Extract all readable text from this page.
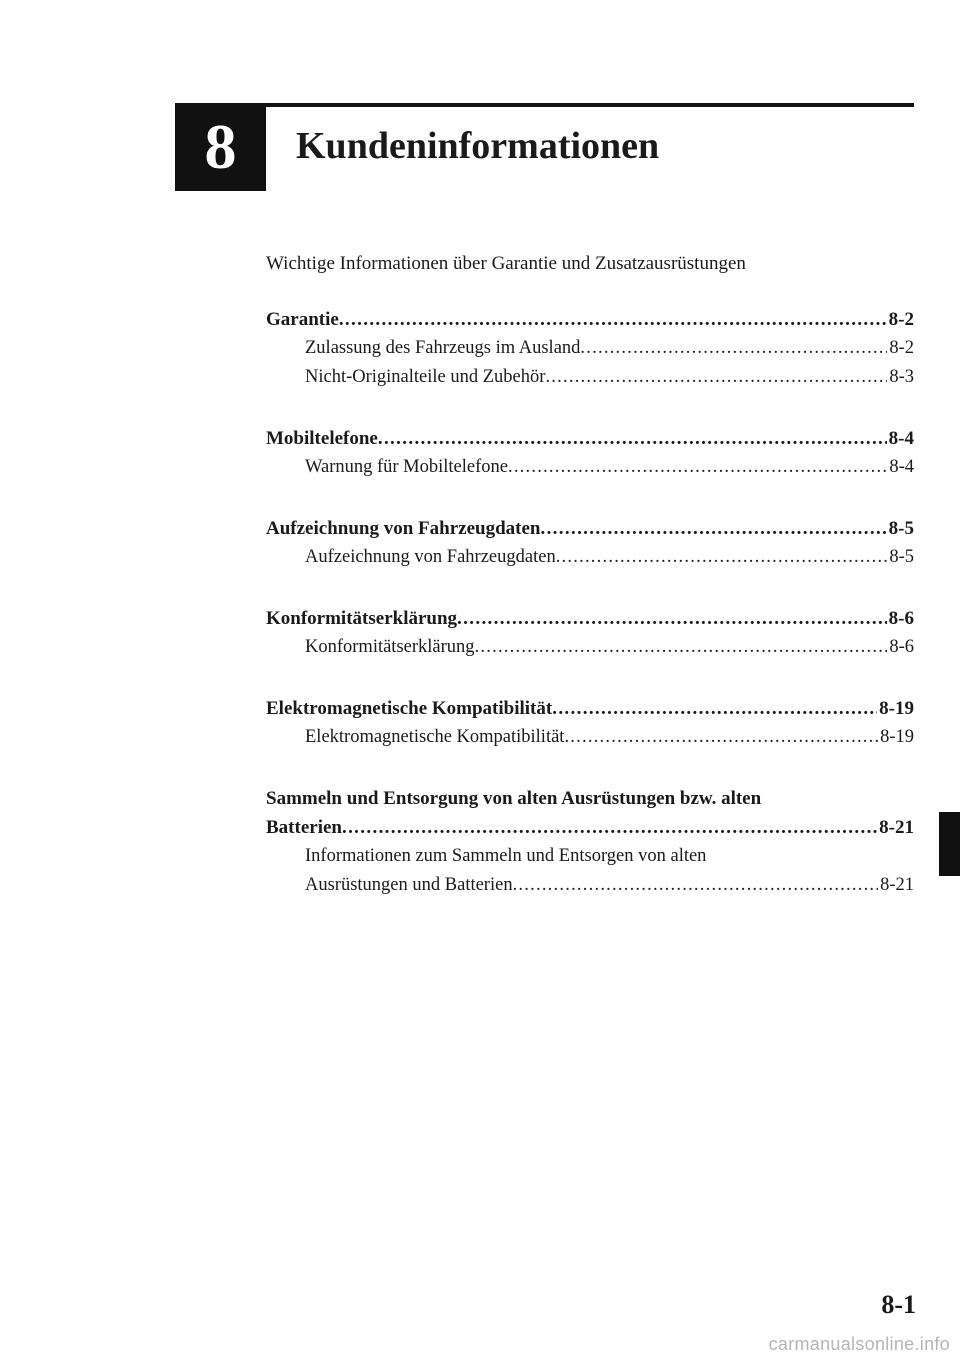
8 Kundeninformationen
Wichtige Informationen über Garantie und Zusatzausrüstungen
Garantie . . .	8-2
Zulassung des Fahrzeugs im Ausland . . .	8-2
Nicht-Originalteile und Zubehör . . .	8-3
Mobiltelefone . . .	8-4
Warnung für Mobiltelefone . . .	8-4
Aufzeichnung von Fahrzeugdaten . . .	8-5
Aufzeichnung von Fahrzeugdaten . . .	8-5
Konformitätserklärung . . .	8-6
Konformitätserklärung . . .	8-6
Elektromagnetische Kompatibilität . . .	8-19
Elektromagnetische Kompatibilität . . .	8-19
Sammeln und Entsorgung von alten Ausrüstungen bzw. alten
Batterien . . .	8-21
Informationen zum Sammeln und Entsorgen von alten
Ausrüstungen und Batterien . . .	8-21
8-1
carmanualsonline.info
